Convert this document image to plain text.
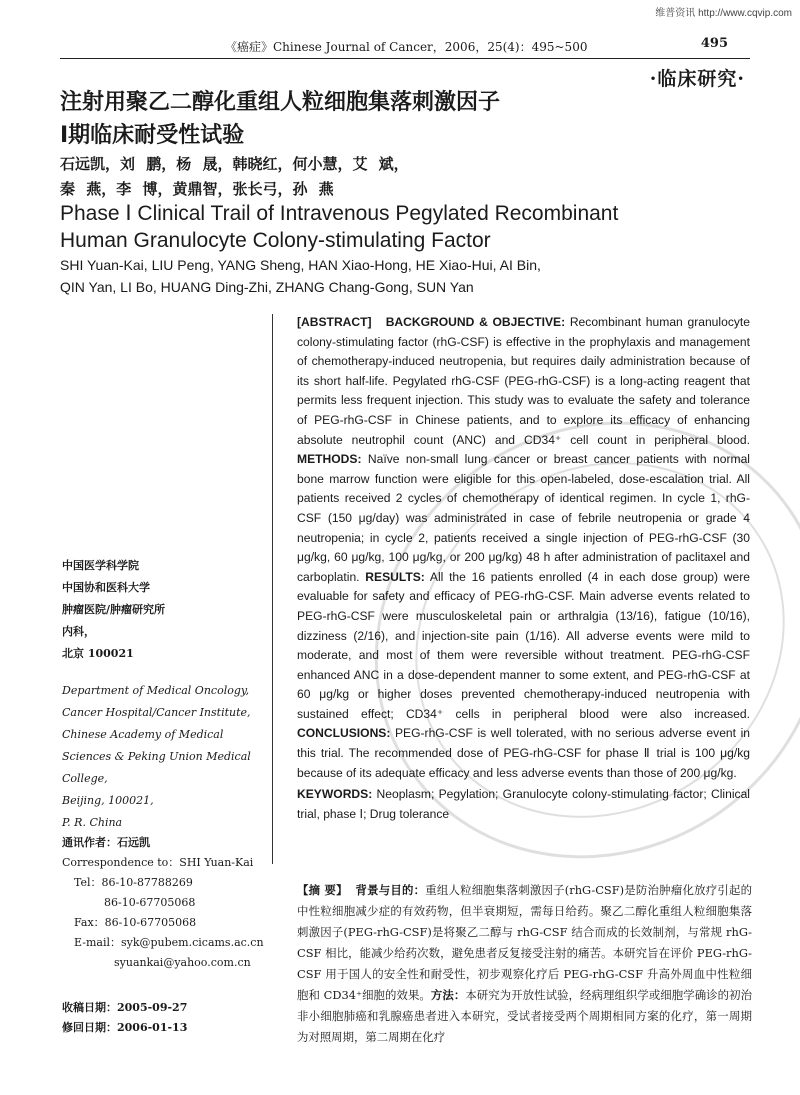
维普资讯 http://www.cqvip.com
《癌症》Chinese Journal of Cancer，2006，25(4)：495~500	495
·临床研究·
注射用聚乙二醇化重组人粒细胞集落刺激因子
Ⅰ期临床耐受性试验
石远凯，刘 鹏，杨 晟，韩晓红，何小慧，艾 斌，
秦 燕，李 博，黄鼎智，张长弓，孙 燕
Phase Ⅰ Clinical Trail of Intravenous Pegylated Recombinant
Human Granulocyte Colony-stimulating Factor
SHI Yuan-Kai, LIU Peng, YANG Sheng, HAN Xiao-Hong, HE Xiao-Hui, AI Bin,
QIN Yan, LI Bo, HUANG Ding-Zhi, ZHANG Chang-Gong, SUN Yan
[ABSTRACT] BACKGROUND & OBJECTIVE: Recombinant human granulocyte colony-stimulating factor (rhG-CSF) is effective in the prophylaxis and management of chemotherapy-induced neutropenia, but requires daily administration because of its short half-life. Pegylated rhG-CSF (PEG-rhG-CSF) is a long-acting reagent that permits less frequent injection. This study was to evaluate the safety and tolerance of PEG-rhG-CSF in Chinese patients, and to explore its efficacy of enhancing absolute neutrophil count (ANC) and CD34⁺ cell count in peripheral blood. METHODS: Naïve non-small lung cancer or breast cancer patients with normal bone marrow function were eligible for this open-labeled, dose-escalation trial. All patients received 2 cycles of chemotherapy of identical regimen. In cycle 1, rhG-CSF (150 μg/day) was administrated in case of febrile neutropenia or grade 4 neutropenia; in cycle 2, patients received a single injection of PEG-rhG-CSF (30 μg/kg, 60 μg/kg, 100 μg/kg, or 200 μg/kg) 48 h after administration of paclitaxel and carboplatin. RESULTS: All the 16 patients enrolled (4 in each dose group) were evaluable for safety and efficacy of PEG-rhG-CSF. Main adverse events related to PEG-rhG-CSF were musculoskeletal pain or arthralgia (13/16), fatigue (10/16), dizziness (2/16), and injection-site pain (1/16). All adverse events were mild to moderate, and most of them were reversible without treatment. PEG-rhG-CSF enhanced ANC in a dose-dependent manner to some extent, and PEG-rhG-CSF at 60 μg/kg or higher doses prevented chemotherapy-induced neutropenia with sustained effect; CD34⁺ cells in peripheral blood were also increased. CONCLUSIONS: PEG-rhG-CSF is well tolerated, with no serious adverse event in this trial. The recommended dose of PEG-rhG-CSF for phase Ⅱ trial is 100 μg/kg because of its adequate efficacy and less adverse events than those of 200 μg/kg.
KEYWORDS: Neoplasm; Pegylation; Granulocyte colony-stimulating factor; Clinical trial, phase Ⅰ; Drug tolerance
中国医学科学院
中国协和医科大学
肿瘤医院/肿瘤研究所
内科，
北京 100021
Department of Medical Oncology,
Cancer Hospital/Cancer Institute,
Chinese Academy of Medical
Sciences & Peking Union Medical
College,
Beijing, 100021,
P. R. China
通讯作者：石远凯
Correspondence to：SHI Yuan-Kai
Tel：86-10-87788269
86-10-67705068
Fax：86-10-67705068
E-mail：syk@pubem.cicams.ac.cn
syuankai@yahoo.com.cn
收稿日期：2005-09-27
修回日期：2006-01-13
【摘 要】 背景与目的：重组人粒细胞集落刺激因子(rhG-CSF)是防治肿瘤化放疗引起的中性粒细胞减少症的有效药物，但半衰期短，需每日给药。聚乙二醇化重组人粒细胞集落刺激因子(PEG-rhG-CSF)是将聚乙二醇与 rhG-CSF 结合而成的长效制剂，与常规 rhG-CSF 相比，能减少给药次数，避免患者反复接受注射的痛苦。本研究旨在评价 PEG-rhG-CSF 用于国人的安全性和耐受性，初步观察化疗后 PEG-rhG-CSF 升高外周血中性粒细胞和 CD34⁺细胞的效果。方法：本研究为开放性试验，经病理组织学或细胞学确诊的初治非小细胞肺癌和乳腺癌患者进入本研究，受试者接受两个周期相同方案的化疗，第一周期为对照周期，第二周期在化疗
